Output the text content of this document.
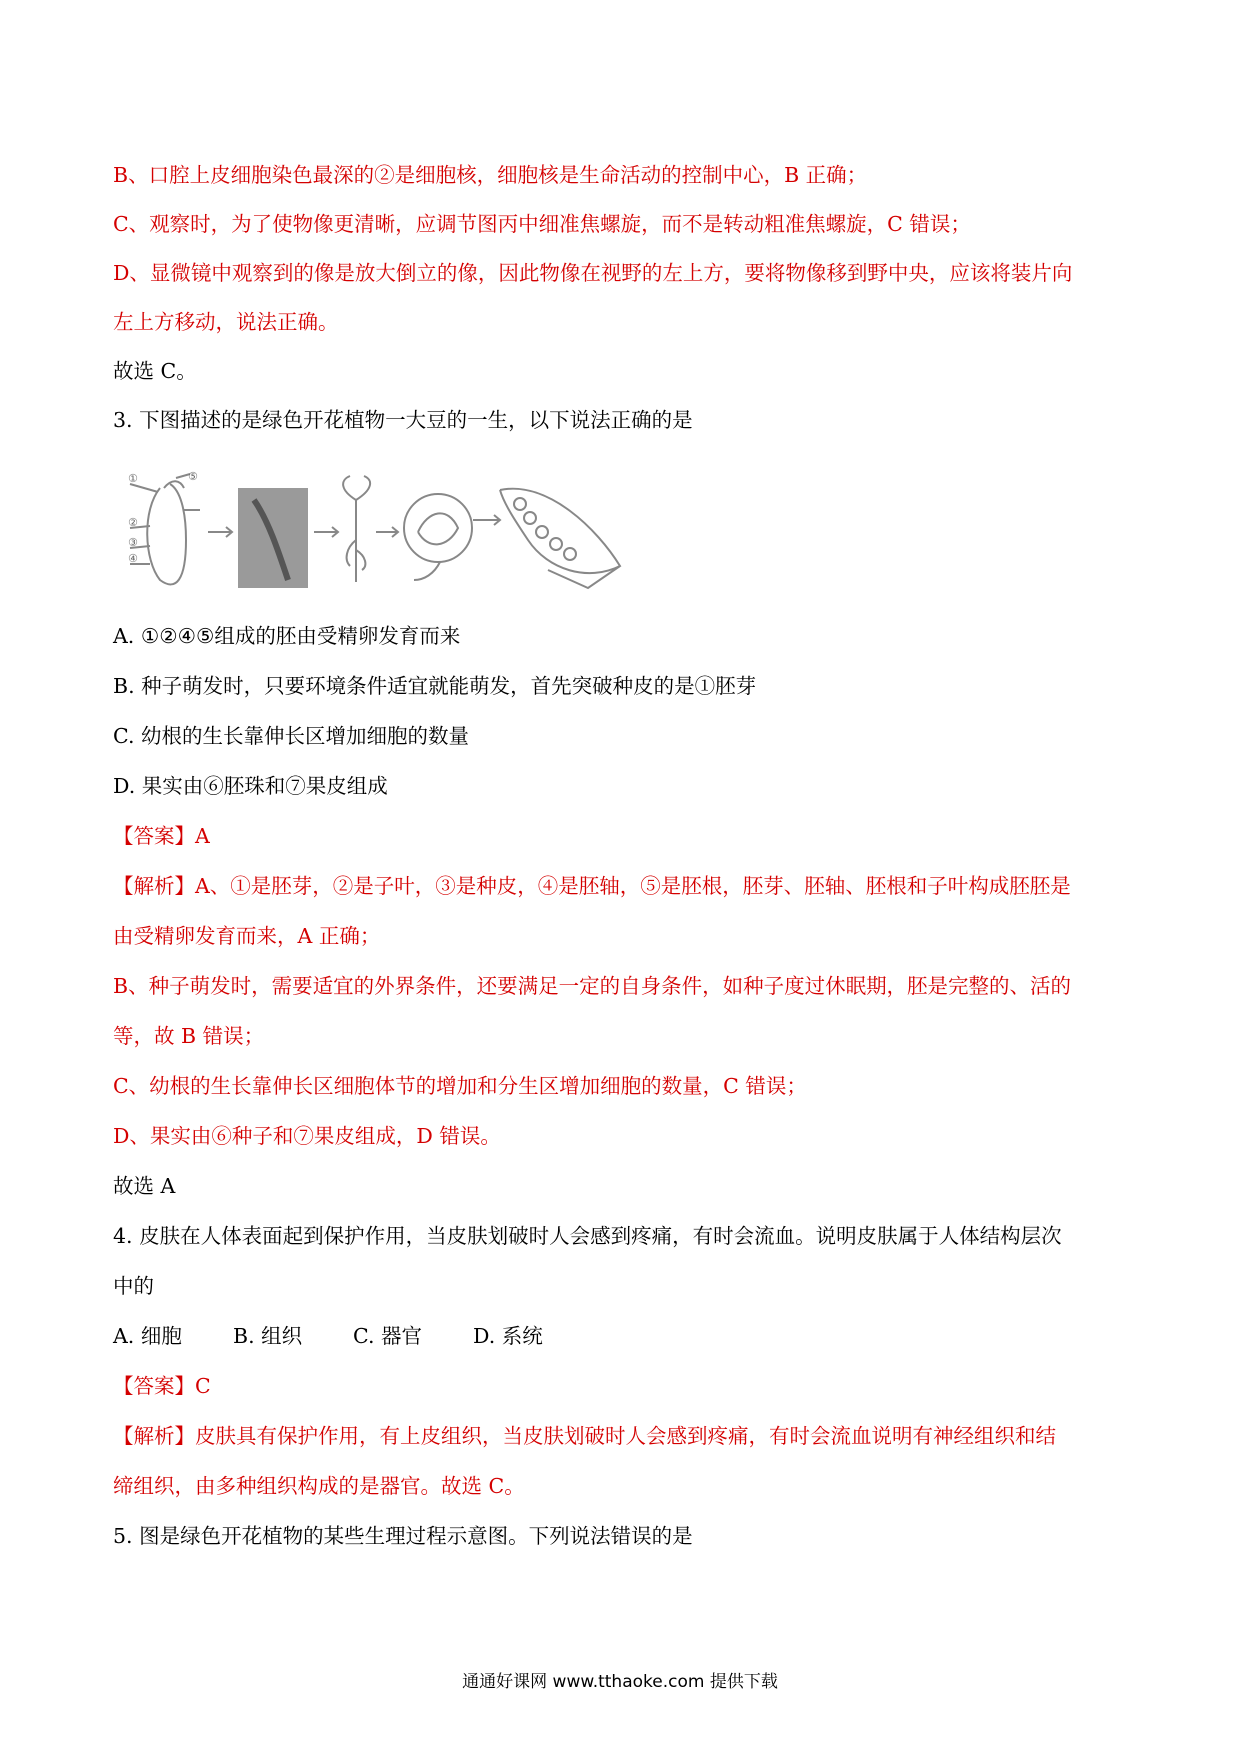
B、口腔上皮细胞染色最深的②是细胞核，细胞核是生命活动的控制中心，B 正确；
C、观察时，为了使物像更清晰，应调节图丙中细准焦螺旋，而不是转动粗准焦螺旋，C 错误；
D、显微镜中观察到的像是放大倒立的像，因此物像在视野的左上方，要将物像移到野中央，应该将装片向
左上方移动，说法正确。
故选 C。
3. 下图描述的是绿色开花植物一大豆的一生，以下说法正确的是
①
②
③
④
⑤
A. ①②④⑤组成的胚由受精卵发育而来
B. 种子萌发时，只要环境条件适宜就能萌发，首先突破种皮的是①胚芽
C. 幼根的生长靠伸长区增加细胞的数量
D. 果实由⑥胚珠和⑦果皮组成
【答案】A
【解析】A、①是胚芽，②是子叶，③是种皮，④是胚轴，⑤是胚根，胚芽、胚轴、胚根和子叶构成胚胚是
由受精卵发育而来，A 正确；
B、种子萌发时，需要适宜的外界条件，还要满足一定的自身条件，如种子度过休眠期，胚是完整的、活的
等，故 B 错误；
C、幼根的生长靠伸长区细胞体节的增加和分生区增加细胞的数量，C 错误；
D、果实由⑥种子和⑦果皮组成，D 错误。
故选 A
4. 皮肤在人体表面起到保护作用，当皮肤划破时人会感到疼痛，有时会流血。说明皮肤属于人体结构层次
中的
A. 细胞 B. 组织 C. 器官 D. 系统
【答案】C
【解析】皮肤具有保护作用，有上皮组织，当皮肤划破时人会感到疼痛，有时会流血说明有神经组织和结
缔组织，由多种组织构成的是器官。故选 C。
5. 图是绿色开花植物的某些生理过程示意图。下列说法错误的是
通通好课网 www.tthaoke.com 提供下载
